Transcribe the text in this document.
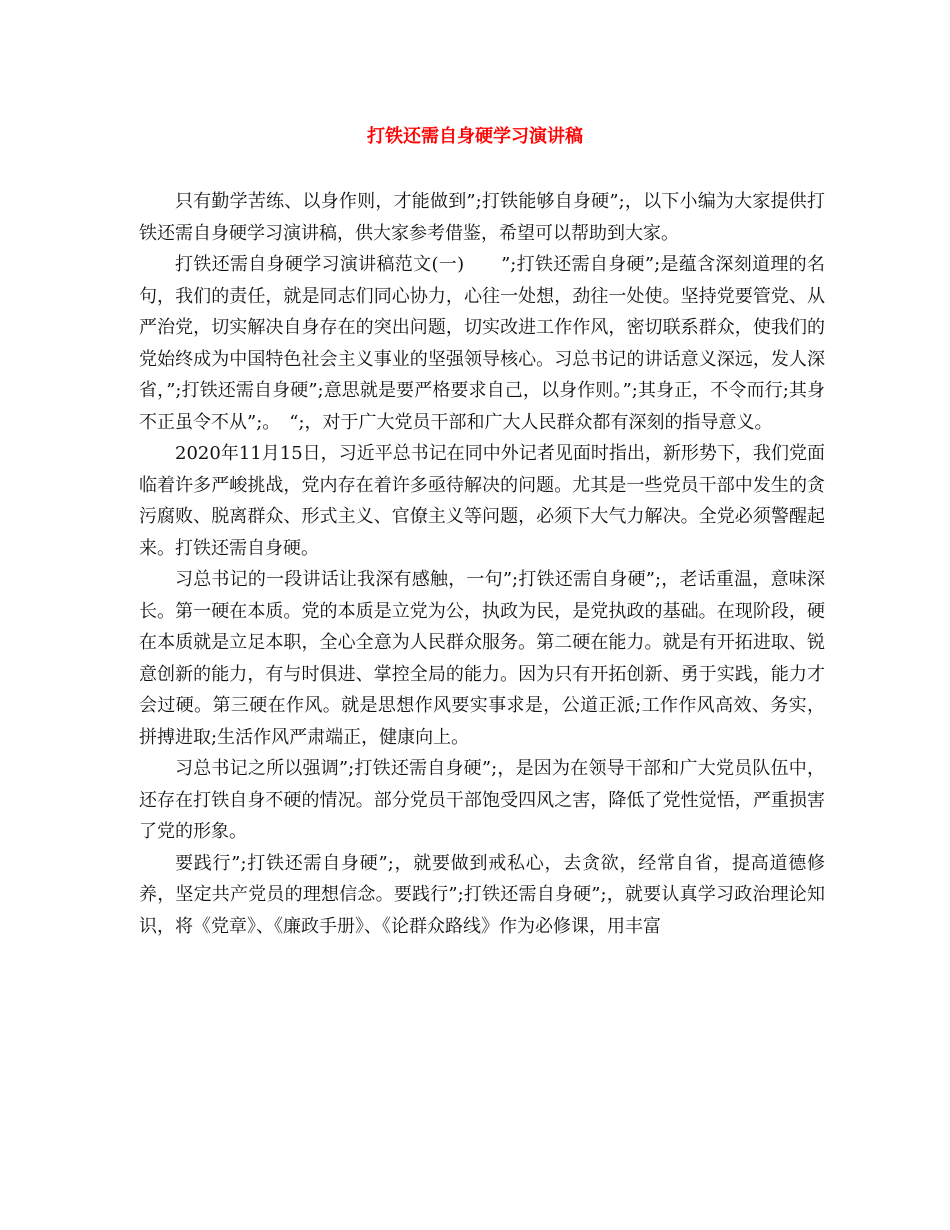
打铁还需自身硬学习演讲稿

只有勤学苦练、以身作则，才能做到”;打铁能够自身硬”;，以下小编为大家提供打铁还需自身硬学习演讲稿，供大家参考借鉴，希望可以帮助到大家。

打铁还需自身硬学习演讲稿范文(一)　　”;打铁还需自身硬”;是蕴含深刻道理的名句，我们的责任，就是同志们同心协力，心往一处想，劲往一处使。坚持党要管党、从严治党，切实解决自身存在的突出问题，切实改进工作作风，密切联系群众，使我们的党始终成为中国特色社会主义事业的坚强领导核心。习总书记的讲话意义深远，发人深省，”;打铁还需自身硬”;意思就是要严格要求自己，以身作则。”;其身正，不令而行;其身不正虽令不从”;。　“;，对于广大党员干部和广大人民群众都有深刻的指导意义。

2020年11月15日，习近平总书记在同中外记者见面时指出，新形势下，我们党面临着许多严峻挑战，党内存在着许多亟待解决的问题。尤其是一些党员干部中发生的贪污腐败、脱离群众、形式主义、官僚主义等问题，必须下大气力解决。全党必须警醒起来。打铁还需自身硬。

习总书记的一段讲话让我深有感触，一句”;打铁还需自身硬”;，老话重温，意味深长。第一硬在本质。党的本质是立党为公，执政为民，是党执政的基础。在现阶段，硬在本质就是立足本职，全心全意为人民群众服务。第二硬在能力。就是有开拓进取、锐意创新的能力，有与时俱进、掌控全局的能力。因为只有开拓创新、勇于实践，能力才会过硬。第三硬在作风。就是思想作风要实事求是，公道正派;工作作风高效、务实，拼搏进取;生活作风严肃端正，健康向上。

习总书记之所以强调”;打铁还需自身硬”;，是因为在领导干部和广大党员队伍中，还存在打铁自身不硬的情况。部分党员干部饱受四风之害，降低了党性觉悟，严重损害了党的形象。

要践行”;打铁还需自身硬”;，就要做到戒私心，去贪欲，经常自省，提高道德修养，坚定共产党员的理想信念。要践行”;打铁还需自身硬”;，就要认真学习政治理论知识，将《党章》、《廉政手册》、《论群众路线》作为必修课，用丰富
